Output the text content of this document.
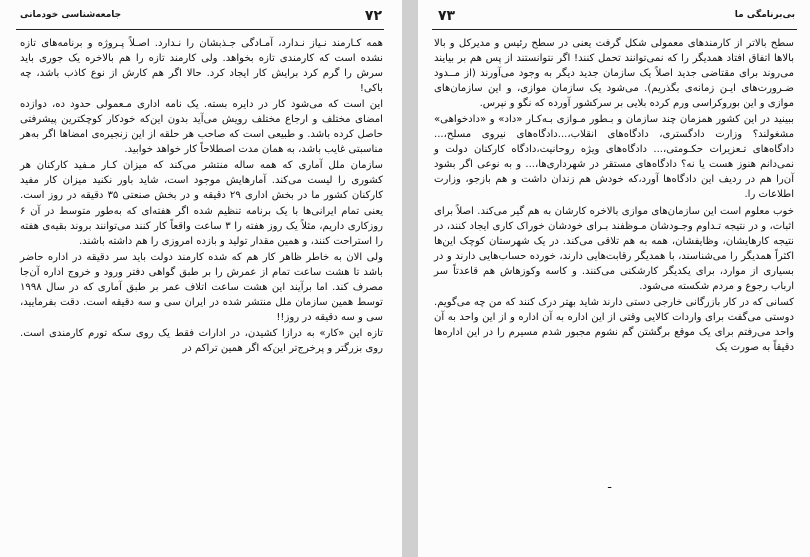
۷۲
جامعه‌شناسی خودمانی

همه کـارمند نـیاز نـدارد، آمـادگی جـذبشان را نـدارد. اصـلاً پـروژه و برنامه‌های تازه نشده است که کارمندی تازه بخواهد. ولی کارمند تازه را هم بالاخره یک جوری باید سرش را گرم کرد برایش کار ایجاد کرد. حالا اگر هم کارش از نوع کاذب باشد، چه باکی!

این است که می‌شود کار در دایره بسته. یک نامه اداری مـعمولی حدود ده، دوازده امضای مختلف و ارجاع مختلف رویش می‌آید بدون این‌که خودکار کوچکترین پیشرفتی حاصل کرده باشد. و طبیعی است که صاحب هر حلقه از این زنجیره‌ی امضاها اگر به‌هر مناسبتی غایب باشد، به همان مدت اصطلاحاً کار خواهد خوابید.

سازمان ملل آماری که همه ساله منتشر می‌کند که میزان کـار مـفید کارکنان هر کشوری را لیست می‌کند. آمارهایش موجود است، شاید باور نکنید میزان کار مفید کارکنان کشور ما در بخش اداری ۲۹ دقیقه و در بخش صنعتی ۳۵ دقیقه در روز است. یعنی تمام ایرانی‌ها با یک برنامه تنظیم شده اگر هفته‌ای که به‌طور متوسط در آن ۶ روزکاری داریم، مثلاً یک روز هفته را ۳ ساعت واقعاً کار کنند می‌توانند بروند بقیه‌ی هفته را استراحت کنند، و همین مقدار تولید و بازده امروزی را هم داشته باشند.

ولی الان به خاطر ظاهر کار هم که شده کارمند دولت باید سر دقیقه در اداره حاضر باشد تا هشت ساعت تمام از عمرش را بر طبق گواهی دفتر ورود و خروج اداره آن‌جا مصرف کند. اما برآیند این هشت ساعت اتلاف عمر بر طبق آماری که در سال ۱۹۹۸ توسط همین سازمان ملل منتشر شده در ایران سی و سه دقیقه است. دقت بفرمایید، سی و سه دقیقه در روز!!

تازه این «کار» به درازا کشیدن، در ادارات فقط یک روی سکه تورم کارمندی است. روی بزرگتر و پرخرج‌تر این‌که اگر همین تراکم در

۷۳	بی‌برنامگی ما

سطح بالاتر از کارمندهای معمولی شکل گرفت یعنی در سطح رئیس و مدیرکل و بالا بالاها اتفاق افتاد همدیگر را که نمی‌توانند تحمل کنند! اگر نتوانستند از پس هم بر بیایند می‌روند برای مقتاضی جدید اصلاً یک سازمان جدید دیگر به وجود می‌آورند (از مــدود ضـرورت‌های ایـن زمانه‌ی بگذریم). می‌شود یک سازمان موازی، و این سازمان‌های موازی و این بوروکراسی ورم کرده بلایی بر سرکشور آورده که نگو و نپرس.

ببینید در این کشور همزمان چند سازمان و بـطور مـوازی بـه‌کـار «داد» و «دادخواهی» مشغولند؟ وزارت دادگستری، دادگاه‌های انقلاب،...دادگاه‌های نیروی مسلح،... دادگاه‌های تـعزیرات حکـومتی،... دادگاه‌های ویژه روحانیت،دادگاه کارکنان دولت و نمی‌دانم هنوز هست یا نه؟ دادگاه‌های مستقر در شهرداری‌ها،... و به نوعی اگر بشود آن‌را هم در ردیف این دادگاه‌ها آورد،که خودش هم زندان داشت و هم بازجو، وزارت اطلاعات را.

خوب معلوم است این سازمان‌های موازی بالاخره کارشان به هم گیر می‌کند. اصلاً برای اثبات، و در نتیجه تـداوم وجـودشان مـوظفند بـرای خودشان خورا‌ک کاری ایجاد کنند، در نتیجه کارهایشان، وظایفشان، همه به هم تلاقی می‌کند. در یک شهرستان کوچک این‌ها اکثراً همدیگر را می‌شناسند، با همدیگر رقابت‌هایی دارند، خورده حساب‌هایی دارند و در بسیاری از موارد، برای یکدیگر کارشکنی می‌کنند. و کاسه وکوزهاش هم قاعدتاً سر ارباب رجوع و مردم شکسته می‌شود.

کسانی که در کار بازرگانی خارجی دستی دارند شاید بهتر درک کنند که من چه می‌گویم. دوستی می‌گفت برای واردات کالایی وقتی از این اداره به آن اداره و از این واحد به آن واحد می‌رفتم برای یک موقع برگشتن گم نشوم مجبور شدم مسیرم را در این اداره‌ها دقیقاً به صورت یک

ـ
